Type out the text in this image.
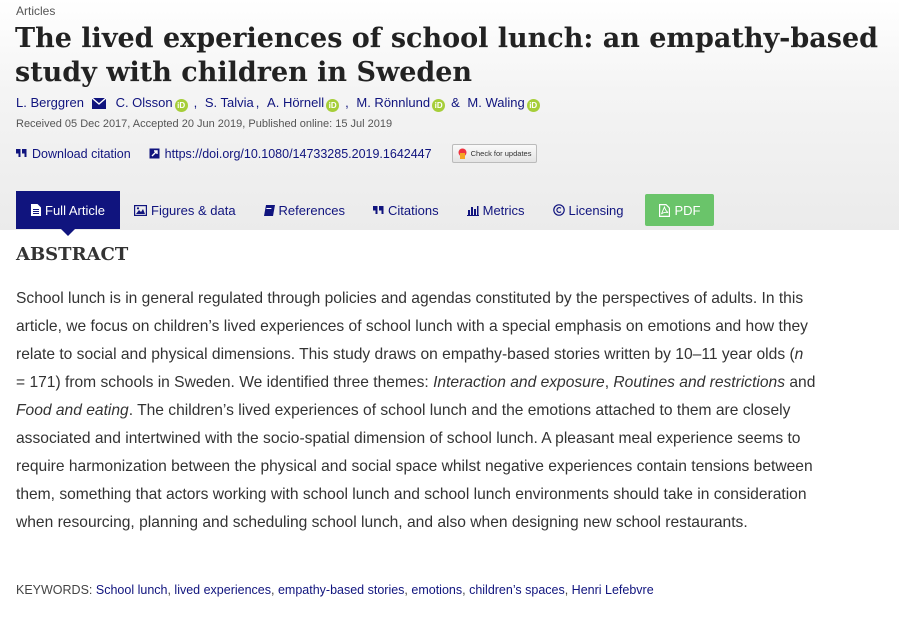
Articles
The lived experiences of school lunch: an empathy-based study with children in Sweden
L. Berggren C. Olsson iD , S. Talvia , A. Hörnell iD , M. Rönnlund iD & M. Waling iD
Received 05 Dec 2017, Accepted 20 Jun 2019, Published online: 15 Jul 2019
Download citation	https://doi.org/10.1080/14733285.2019.1642447	Check for updates
Full Article	Figures & data	References	Citations	Metrics	Licensing	PDF
ABSTRACT

School lunch is in general regulated through policies and agendas constituted by the perspectives of adults. In this article, we focus on children’s lived experiences of school lunch with a special emphasis on emotions and how they relate to social and physical dimensions. This study draws on empathy-based stories written by 10–11 year olds (n = 171) from schools in Sweden. We identified three themes: Interaction and exposure, Routines and restrictions and Food and eating. The children’s lived experiences of school lunch and the emotions attached to them are closely associated and intertwined with the socio-spatial dimension of school lunch. A pleasant meal experience seems to require harmonization between the physical and social space whilst negative experiences contain tensions between them, something that actors working with school lunch and school lunch environments should take in consideration when resourcing, planning and scheduling school lunch, and also when designing new school restaurants.

KEYWORDS: School lunch, lived experiences, empathy-based stories, emotions, children’s spaces, Henri Lefebvre
